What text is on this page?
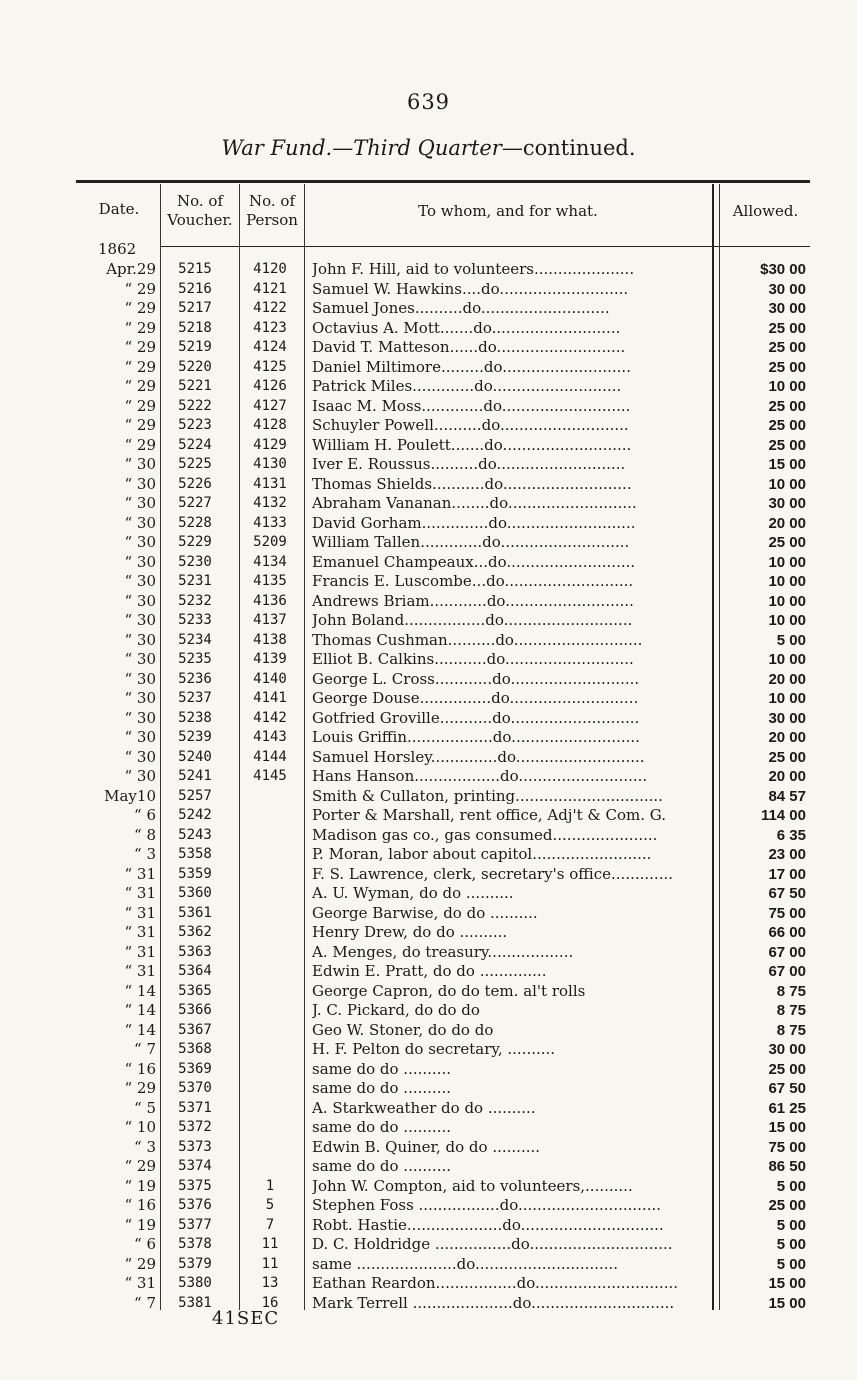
639
War Fund.—Third Quarter—continued.
Date.	No. of
Voucher.
No. of
Person	To whom, and for what.	Allowed.
1862
Apr.29	5215	4120	John F. Hill, aid to volunteers.....................	$30 00
“ 29	5216	4121	Samuel W. Hawkins....do...........................	30 00
“ 29	5217	4122	Samuel Jones..........do...........................	30 00
“ 29	5218	4123	Octavius A. Mott.......do...........................	25 00
“ 29	5219	4124	David T. Matteson......do...........................	25 00
“ 29	5220	4125	Daniel Miltimore.........do...........................	25 00
“ 29	5221	4126	Patrick Miles.............do...........................	10 00
“ 29	5222	4127	Isaac M. Moss.............do...........................	25 00
“ 29	5223	4128	Schuyler Powell..........do...........................	25 00
“ 29	5224	4129	William H. Poulett.......do...........................	25 00
“ 30	5225	4130	Iver E. Roussus..........do...........................	15 00
“ 30	5226	4131	Thomas Shields...........do...........................	10 00
“ 30	5227	4132	Abraham Vananan........do...........................	30 00
“ 30	5228	4133	David Gorham..............do...........................	20 00
“ 30	5229	5209	William Tallen.............do...........................	25 00
“ 30	5230	4134	Emanuel Champeaux...do...........................	10 00
“ 30	5231	4135	Francis E. Luscombe...do...........................	10 00
“ 30	5232	4136	Andrews Briam............do...........................	10 00
“ 30	5233	4137	John Boland.................do...........................	10 00
“ 30	5234	4138	Thomas Cushman..........do...........................	5 00
“ 30	5235	4139	Elliot B. Calkins...........do...........................	10 00
“ 30	5236	4140	George L. Cross............do...........................	20 00
“ 30	5237	4141	George Douse...............do...........................	10 00
“ 30	5238	4142	Gotfried Groville...........do...........................	30 00
“ 30	5239	4143	Louis Griffin..................do...........................	20 00
“ 30	5240	4144	Samuel Horsley..............do...........................	25 00
“ 30	5241	4145	Hans Hanson..................do...........................	20 00
May10	5257	Smith & Cullaton, printing...............................	84 57
“ 6	5242	Porter & Marshall, rent office, Adj't & Com. G.	114 00
“ 8	5243	Madison gas co., gas consumed......................	6 35
“ 3	5358	P. Moran, labor about capitol.........................	23 00
“ 31	5359	F. S. Lawrence, clerk, secretary's office.............	17 00
“ 31	5360	A. U. Wyman, do do ..........	67 50
“ 31	5361	George Barwise, do do ..........	75 00
“ 31	5362	Henry Drew, do do ..........	66 00
“ 31	5363	A. Menges, do treasury..................	67 00
“ 31	5364	Edwin E. Pratt, do do ..............	67 00
“ 14	5365	George Capron, do do tem. al't rolls	8 75
“ 14	5366	J. C. Pickard, do do do	8 75
“ 14	5367	Geo W. Stoner, do do do	8 75
“ 7	5368	H. F. Pelton do secretary, ..........	30 00
“ 16	5369	same do do ..........	25 00
“ 29	5370	same do do ..........	67 50
“ 5	5371	A. Starkweather do do ..........	61 25
“ 10	5372	same do do ..........	15 00
“ 3	5373	Edwin B. Quiner, do do ..........	75 00
“ 29	5374	same do do ..........	86 50
“ 19	5375	1	John W. Compton, aid to volunteers,..........	5 00
“ 16	5376	5	Stephen Foss .................do..............................	25 00
“ 19	5377	7	Robt. Hastie....................do..............................	5 00
“ 6	5378	11	D. C. Holdridge ................do..............................	5 00
“ 29	5379	11	same .....................do..............................	5 00
“ 31	5380	13	Eathan Reardon.................do..............................	15 00
“ 7	5381	16	Mark Terrell .....................do..............................	15 00
41SEC
